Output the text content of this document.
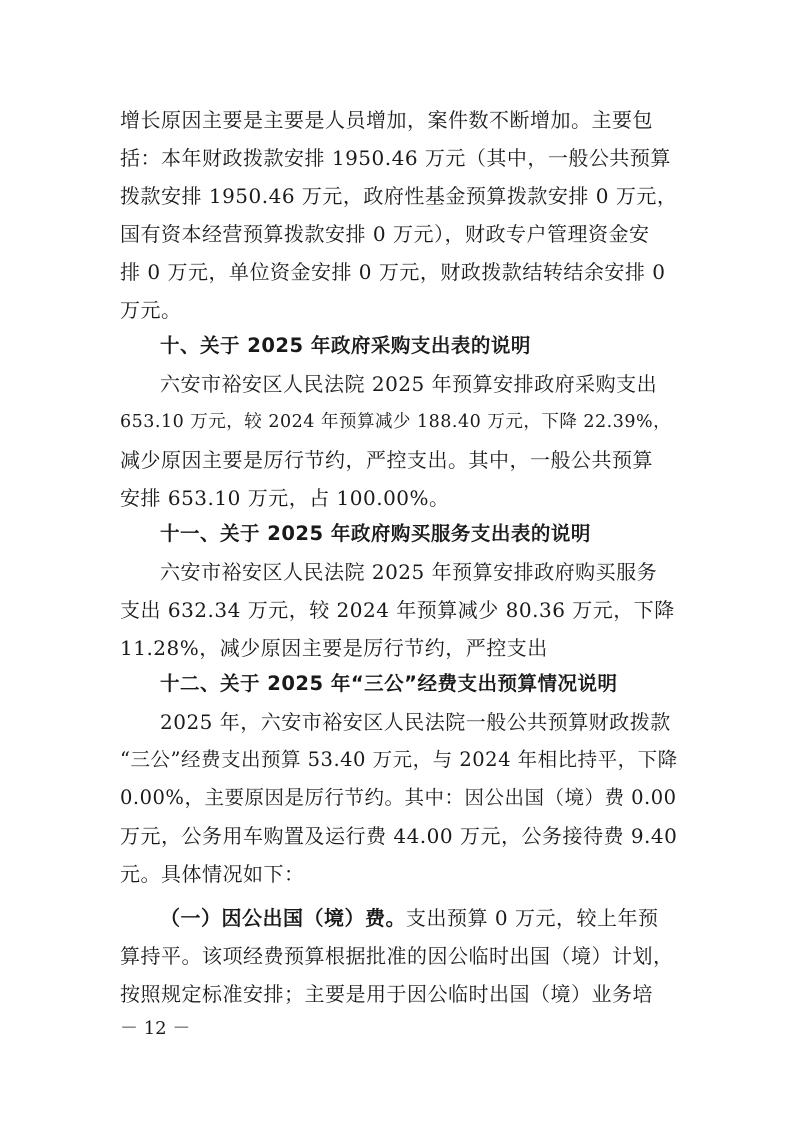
增长原因主要是主要是人员增加，案件数不断增加。主要包
括：本年财政拨款安排 1950.46 万元（其中，一般公共预算
拨款安排 1950.46 万元，政府性基金预算拨款安排 0 万元，
国有资本经营预算拨款安排 0 万元），财政专户管理资金安
排 0 万元，单位资金安排 0 万元，财政拨款结转结余安排 0
万元。
十、关于 2025 年政府采购支出表的说明
六安市裕安区人民法院 2025 年预算安排政府采购支出
653.10 万元，较 2024 年预算减少 188.40 万元，下降 22.39%，
减少原因主要是厉行节约，严控支出。其中，一般公共预算
安排 653.10 万元，占 100.00%。
十一、关于 2025 年政府购买服务支出表的说明
六安市裕安区人民法院 2025 年预算安排政府购买服务
支出 632.34 万元，较 2024 年预算减少 80.36 万元，下降
11.28%，减少原因主要是厉行节约，严控支出
十二、关于 2025 年“三公”经费支出预算情况说明
2025 年，六安市裕安区人民法院一般公共预算财政拨款
“三公”经费支出预算 53.40 万元，与 2024 年相比持平，下降
0.00%，主要原因是厉行节约。其中：因公出国（境）费 0.00
万元，公务用车购置及运行费 44.00 万元，公务接待费 9.40
元。具体情况如下：
（一）因公出国（境）费。支出预算 0 万元，较上年预
算持平。该项经费预算根据批准的因公临时出国（境）计划，
按照规定标准安排；主要是用于因公临时出国（境）业务培
－ 12 －
